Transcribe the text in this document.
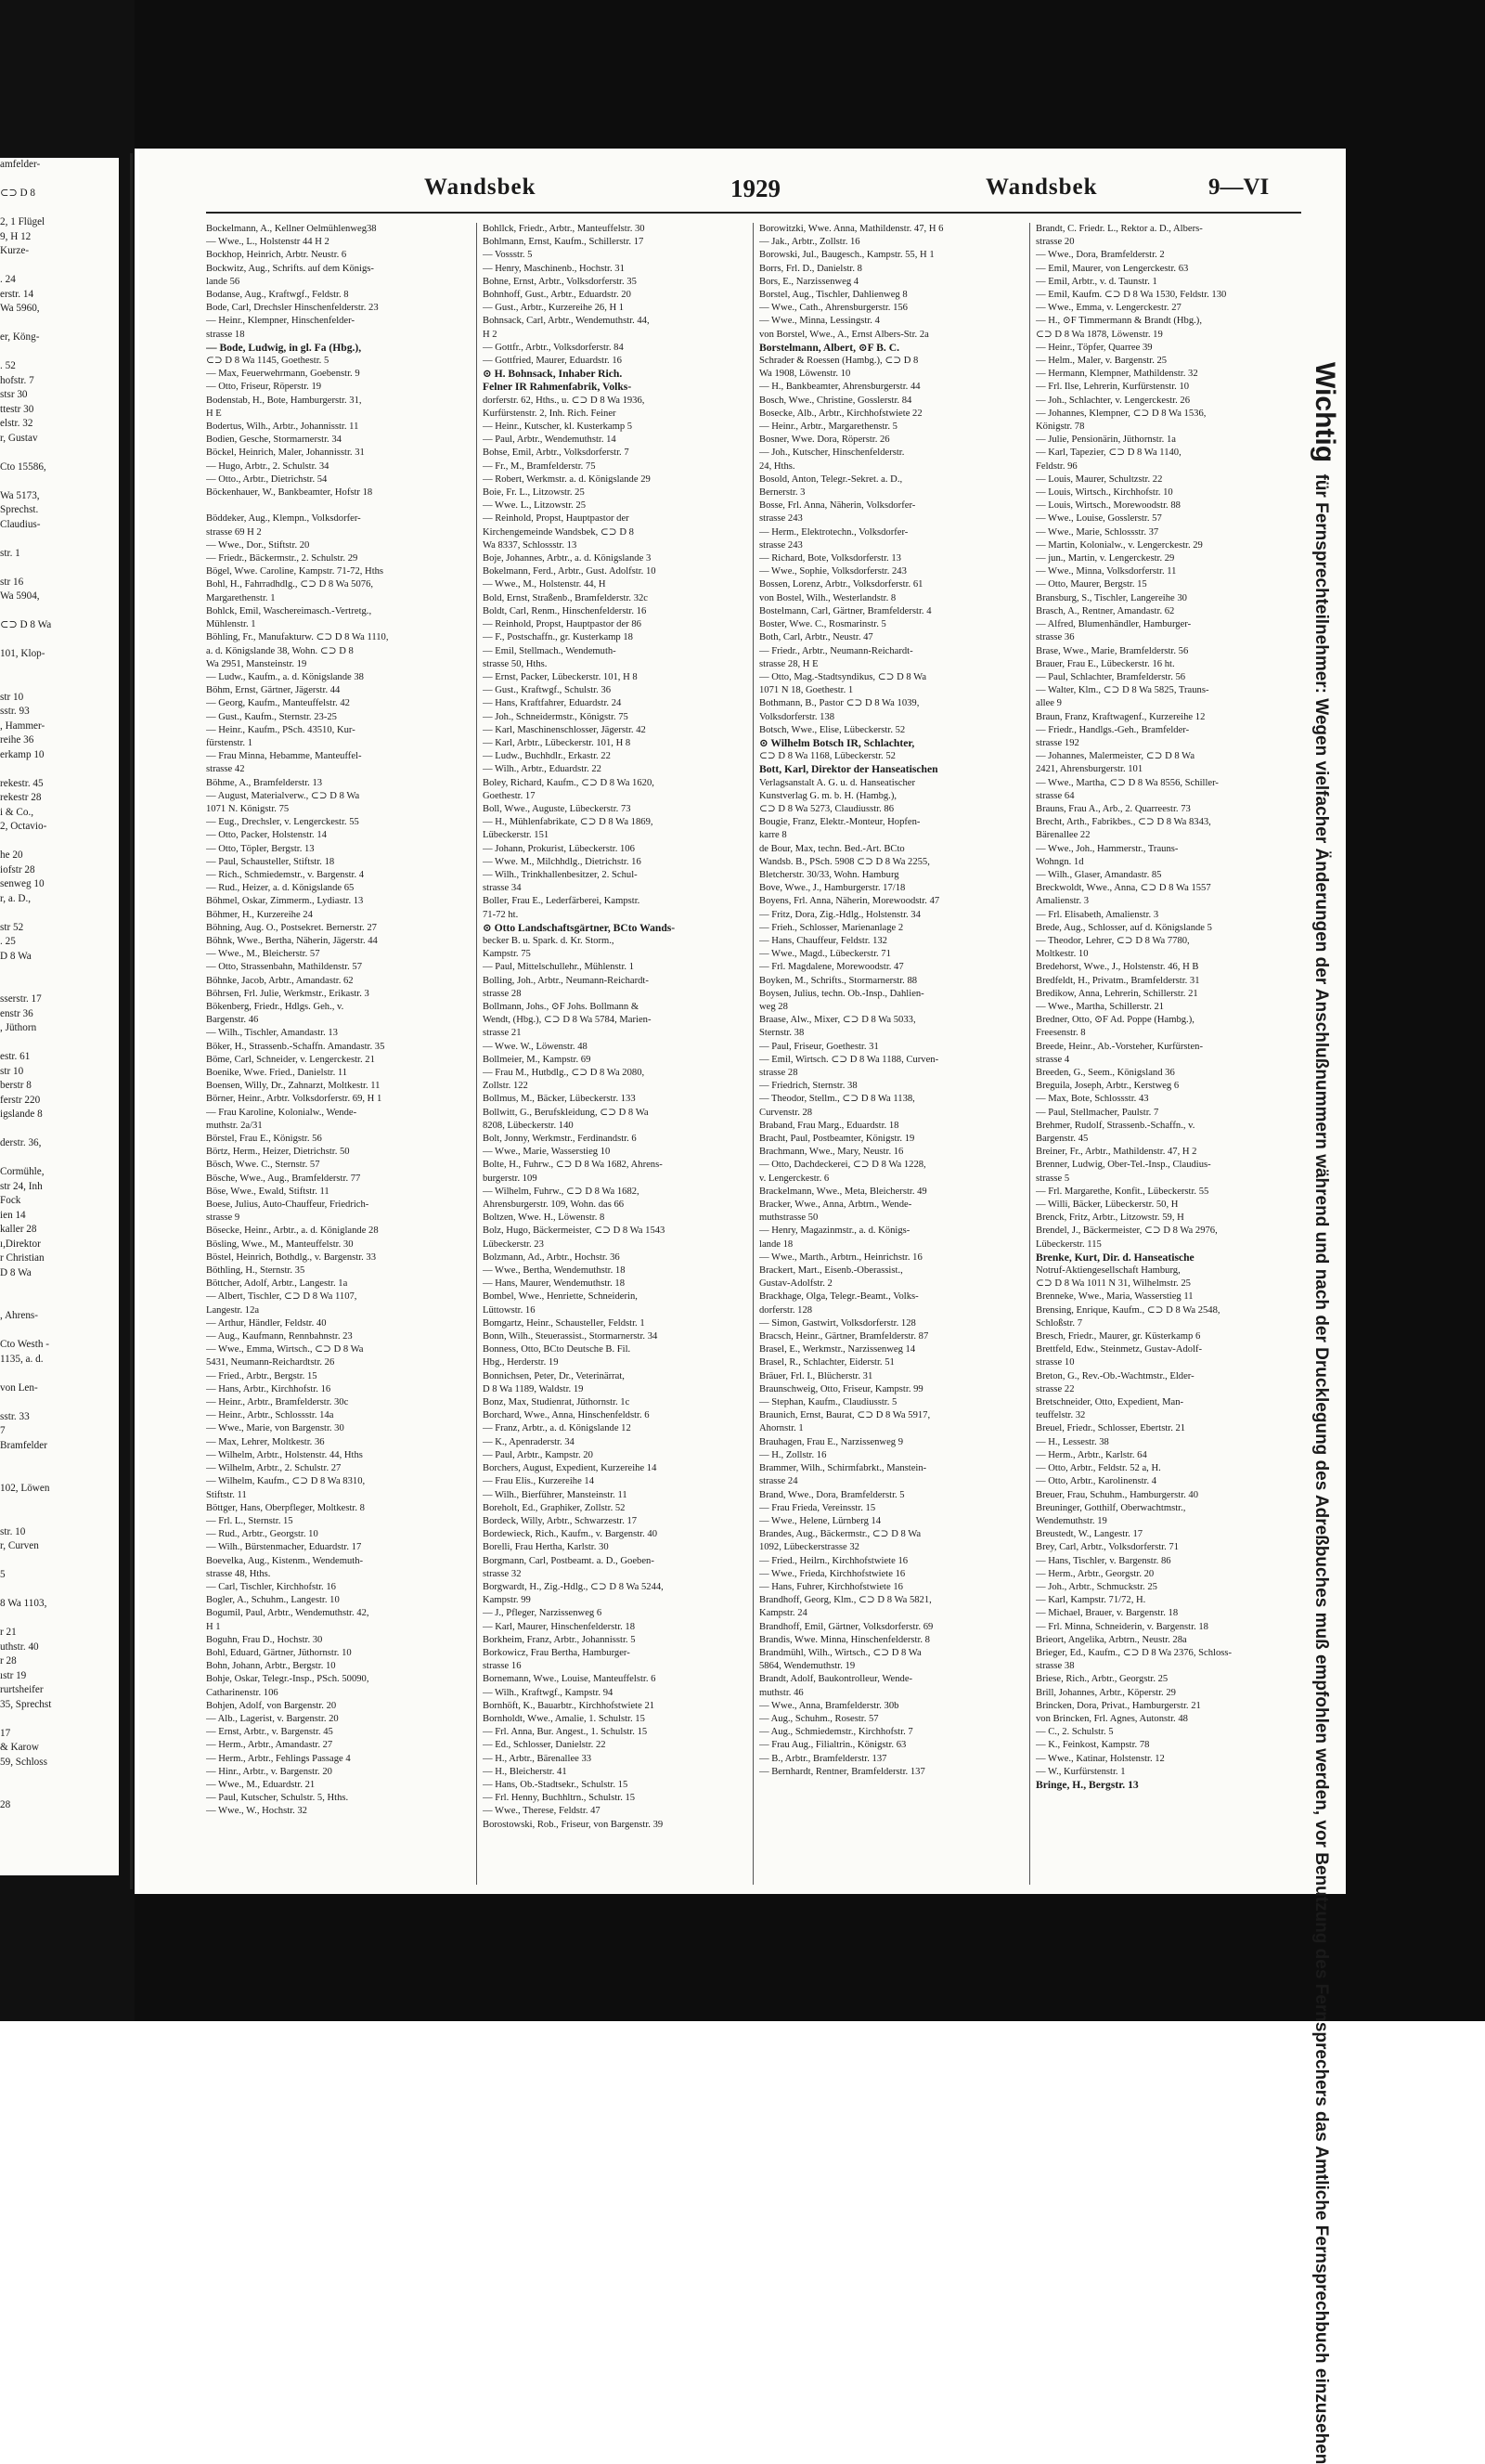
amfelder-

⊂⊃ D 8

2, 1 Flügel
9, H 12
Kurze-

. 24
erstr. 14
Wa 5960,

er, Köng-

. 52
hofstr. 7
stsr 30
ttestr 30
elstr. 32
r, Gustav

Cto 15586,

Wa 5173,
Sprechst.
Claudius-

str. 1

str 16
Wa 5904,

⊂⊃ D 8 Wa

101, Klop-

str 10
sstr. 93
, Hammer-
reihe 36
erkamp 10

rekestr. 45
rekestr 28
i & Co.,
2, Octavio-

he 20
iofstr 28
senweg 10
r, a. D.,

str 52
. 25
D 8 Wa

sserstr. 17
enstr 36
, Jüthorn

estr. 61
str 10
berstr 8
ferstr 220
igslande 8

derstr. 36,

Cormühle,
str 24, Inh
Fock
ien 14
kaller 28
ı,Direktor
r Christian
D 8 Wa

, Ahrens-

Cto Westh -
1135, a. d.

von Len-

sstr. 33
7
Bramfelder

102, Löwen

str. 10
r, Curven

5

8 Wa 1103,

r 21
uthstr. 40
r 28
ıstr 19
rurtsheifer
35, Sprechst

17
& Karow
59, Schloss

28
Wandsbek	1929	Wandsbek	9—VI
Bockelmann, A., Kellner Oelmühlenweg38
— Wwe., L., Holstenstr 44 H 2
Bockhop, Heinrich, Arbtr. Neustr. 6
Bockwitz, Aug., Schrifts. auf dem Königs-
lande 56
Bodanse, Aug., Kraftwgf., Feldstr. 8
Bode, Carl, Drechsler Hinschenfelderstr. 23
— Heinr., Klempner, Hinschenfelder-
strasse 18
— Bode, Ludwig, in gl. Fa (Hbg.),
⊂⊃ D 8 Wa 1145, Goethestr. 5
— Max, Feuerwehrmann, Goebenstr. 9
— Otto, Friseur, Röperstr. 19
Bodenstab, H., Bote, Hamburgerstr. 31,
H E
Bodertus, Wilh., Arbtr., Johannisstr. 11
Bodien, Gesche, Stormarnerstr. 34
Böckel, Heinrich, Maler, Johannisstr. 31
— Hugo, Arbtr., 2. Schulstr. 34
— Otto., Arbtr., Dietrichstr. 54
Böckenhauer, W., Bankbeamter, Hofstr 18

Böddeker, Aug., Klempn., Volksdorfer-
strasse 69 H 2
— Wwe., Dor., Stiftstr. 20
— Friedr., Bäckermstr., 2. Schulstr. 29
Bögel, Wwe. Caroline, Kampstr. 71-72, Hths
Bohl, H., Fahrradhdlg., ⊂⊃ D 8 Wa 5076,
Margarethenstr. 1
Bohlck, Emil, Waschereimasch.-Vertretg.,
Mühlenstr. 1
Böhling, Fr., Manufakturw. ⊂⊃ D 8 Wa 1110,
a. d. Königslande 38, Wohn. ⊂⊃ D 8
Wa 2951, Mansteinstr. 19
— Ludw., Kaufm., a. d. Königslande 38
Böhm, Ernst, Gärtner, Jägerstr. 44
— Georg, Kaufm., Manteuffelstr. 42
— Gust., Kaufm., Sternstr. 23-25
— Heinr., Kaufm., PSch. 43510, Kur-
fürstenstr. 1
— Frau Minna, Hebamme, Manteuffel-
strasse 42
Böhme, A., Bramfelderstr. 13
— August, Materialverw., ⊂⊃ D 8 Wa
1071 N. Königstr. 75
— Eug., Drechsler, v. Lengerckestr. 55
— Otto, Packer, Holstenstr. 14
— Otto, Töpler, Bergstr. 13
— Paul, Schausteller, Stiftstr. 18
— Rich., Schmiedemstr., v. Bargenstr. 4
— Rud., Heizer, a. d. Königslande 65
Böhmel, Oskar, Zimmerm., Lydiastr. 13
Böhmer, H., Kurzereihe 24
Böhning, Aug. O., Postsekret. Bernerstr. 27
Böhnk, Wwe., Bertha, Näherin, Jägerstr. 44
— Wwe., M., Bleicherstr. 57
— Otto, Strassenbahn, Mathildenstr. 57
Böhnke, Jacob, Arbtr., Amandastr. 62
Böhrsen, Frl. Julie, Werkmstr., Erikastr. 3
Bökenberg, Friedr., Hdlgs. Geh., v.
Bargenstr. 46
— Wilh., Tischler, Amandastr. 13
Böker, H., Strassenb.-Schaffn. Amandastr. 35
Böme, Carl, Schneider, v. Lengerckestr. 21
Boenike, Wwe. Fried., Danielstr. 11
Boensen, Willy, Dr., Zahnarzt, Moltkestr. 11
Börner, Heinr., Arbtr. Volksdorferstr. 69, H 1
— Frau Karoline, Kolonialw., Wende-
muthstr. 2a/31
Börstel, Frau E., Königstr. 56
Börtz, Herm., Heizer, Dietrichstr. 50
Bösch, Wwe. C., Sternstr. 57
Bösche, Wwe., Aug., Bramfelderstr. 77
Böse, Wwe., Ewald, Stiftstr. 11
Boese, Julius, Auto-Chauffeur, Friedrich-
strasse 9
Bösecke, Heinr., Arbtr., a. d. Königlande 28
Bösling, Wwe., M., Manteuffelstr. 30
Böstel, Heinrich, Bothdlg., v. Bargenstr. 33
Böthling, H., Sternstr. 35
Böttcher, Adolf, Arbtr., Langestr. 1a
— Albert, Tischler, ⊂⊃ D 8 Wa 1107,
Langestr. 12a
— Arthur, Händler, Feldstr. 40
— Aug., Kaufmann, Rennbahnstr. 23
— Wwe., Emma, Wirtsch., ⊂⊃ D 8 Wa
5431, Neumann-Reichardtstr. 26
— Fried., Arbtr., Bergstr. 15
— Hans, Arbtr., Kirchhofstr. 16
— Heinr., Arbtr., Bramfelderstr. 30c
— Heinr., Arbtr., Schlossstr. 14a
— Wwe., Marie, von Bargenstr. 30
— Max, Lehrer, Moltkestr. 36
— Wilhelm, Arbtr., Holstenstr. 44, Hths
— Wilhelm, Arbtr., 2. Schulstr. 27
— Wilhelm, Kaufm., ⊂⊃ D 8 Wa 8310,
Stiftstr. 11
Böttger, Hans, Oberpfleger, Moltkestr. 8
— Frl. L., Sternstr. 15
— Rud., Arbtr., Georgstr. 10
— Wilh., Bürstenmacher, Eduardstr. 17
Boevelka, Aug., Kistenm., Wendemuth-
strasse 48, Hths.
— Carl, Tischler, Kirchhofstr. 16
Bogler, A., Schuhm., Langestr. 10
Bogumil, Paul, Arbtr., Wendemuthstr. 42,
H 1
Boguhn, Frau D., Hochstr. 30
Bohl, Eduard, Gärtner, Jüthornstr. 10
Bohn, Johann, Arbtr., Bergstr. 10
Bohje, Oskar, Telegr.-Insp., PSch. 50090,
Catharinenstr. 106
Bohjen, Adolf, von Bargenstr. 20
— Alb., Lagerist, v. Bargenstr. 20
— Ernst, Arbtr., v. Bargenstr. 45
— Herm., Arbtr., Amandastr. 27
— Herm., Arbtr., Fehlings Passage 4
— Hinr., Arbtr., v. Bargenstr. 20
— Wwe., M., Eduardstr. 21
— Paul, Kutscher, Schulstr. 5, Hths.
— Wwe., W., Hochstr. 32
Bohllck, Friedr., Arbtr., Manteuffelstr. 30
Bohlmann, Ernst, Kaufm., Schillerstr. 17
— Vossstr. 5
— Henry, Maschinenb., Hochstr. 31
Bohne, Ernst, Arbtr., Volksdorferstr. 35
Bohnhoff, Gust., Arbtr., Eduardstr. 20
— Gust., Arbtr., Kurzereihe 26, H 1
Bohnsack, Carl, Arbtr., Wendemuthstr. 44,
H 2
— Gottfr., Arbtr., Volksdorferstr. 84
— Gottfried, Maurer, Eduardstr. 16
⊙ H. Bohnsack, Inhaber Rich.
Felner IR Rahmenfabrik, Volks-
dorferstr. 62, Hths., u. ⊂⊃ D 8 Wa 1936,
Kurfürstenstr. 2, Inh. Rich. Feiner
— Heinr., Kutscher, kl. Kusterkamp 5
— Paul, Arbtr., Wendemuthstr. 14
Bohse, Emil, Arbtr., Volksdorferstr. 7
— Fr., M., Bramfelderstr. 75
— Robert, Werkmstr. a. d. Königslande 29
Boie, Fr. L., Litzowstr. 25
— Wwe. L., Litzowstr. 25
— Reinhold, Propst, Hauptpastor der
Kirchengemeinde Wandsbek, ⊂⊃ D 8
Wa 8337, Schlossstr. 13
Boje, Johannes, Arbtr., a. d. Königslande 3
Bokelmann, Ferd., Arbtr., Gust. Adolfstr. 10
— Wwe., M., Holstenstr. 44, H
Bold, Ernst, Straßenb., Bramfelderstr. 32c
Boldt, Carl, Renm., Hinschenfelderstr. 16
— Reinhold, Propst, Hauptpastor der 86
— F., Postschaffn., gr. Kusterkamp 18
— Emil, Stellmach., Wendemuth-
strasse 50, Hths.
— Ernst, Packer, Lübeckerstr. 101, H 8
— Gust., Kraftwgf., Schulstr. 36
— Hans, Kraftfahrer, Eduardstr. 24
— Joh., Schneidermstr., Königstr. 75
— Karl, Maschinenschlosser, Jägerstr. 42
— Karl, Arbtr., Lübeckerstr. 101, H 8
— Ludw., Buchhdlr., Erkastr. 22
— Wilh., Arbtr., Eduardstr. 22
Boley, Richard, Kaufm., ⊂⊃ D 8 Wa 1620,
Goethestr. 17
Boll, Wwe., Auguste, Lübeckerstr. 73
— H., Mühlenfabrikate, ⊂⊃ D 8 Wa 1869,
Lübeckerstr. 151
— Johann, Prokurist, Lübeckerstr. 106
— Wwe. M., Milchhdlg., Dietrichstr. 16
— Wilh., Trinkhallenbesitzer, 2. Schul-
strasse 34
Boller, Frau E., Lederfärberei, Kampstr.
71-72 ht.
⊙ Otto Landschaftsgärtner, BCto Wands-
becker B. u. Spark. d. Kr. Storm.,
Kampstr. 75
— Paul, Mittelschullehr., Mühlenstr. 1
Bolling, Joh., Arbtr., Neumann-Reichardt-
strasse 28
Bollmann, Johs., ⊙F Johs. Bollmann &
Wendt, (Hbg.), ⊂⊃ D 8 Wa 5784, Marien-
strasse 21
— Wwe. W., Löwenstr. 48
Bollmeier, M., Kampstr. 69
— Frau M., Hutbdlg., ⊂⊃ D 8 Wa 2080,
Zollstr. 122
Bollmus, M., Bäcker, Lübeckerstr. 133
Bollwitt, G., Berufskleidung, ⊂⊃ D 8 Wa
8208, Lübeckerstr. 140
Bolt, Jonny, Werkmstr., Ferdinandstr. 6
— Wwe., Marie, Wasserstieg 10
Bolte, H., Fuhrw., ⊂⊃ D 8 Wa 1682, Ahrens-
burgerstr. 109
— Wilhelm, Fuhrw., ⊂⊃ D 8 Wa 1682,
Ahrensburgerstr. 109, Wohn. das 66
Boltzen, Wwe. H., Löwenstr. 8
Bolz, Hugo, Bäckermeister, ⊂⊃ D 8 Wa 1543
Lübeckerstr. 23
Bolzmann, Ad., Arbtr., Hochstr. 36
— Wwe., Bertha, Wendemuthstr. 18
— Hans, Maurer, Wendemuthstr. 18
Bombel, Wwe., Henriette, Schneiderin,
Lüttowstr. 16
Bomgartz, Heinr., Schausteller, Feldstr. 1
Bonn, Wilh., Steuerassist., Stormarnerstr. 34
Bonness, Otto, BCto Deutsche B. Fil.
Hbg., Herderstr. 19
Bonnichsen, Peter, Dr., Veterinärrat,
D 8 Wa 1189, Waldstr. 19
Bonz, Max, Studienrat, Jüthornstr. 1c
Borchard, Wwe., Anna, Hinschenfeldstr. 6
— Franz, Arbtr., a. d. Königslande 12
— K., Apenraderstr. 34
— Paul, Arbtr., Kampstr. 20
Borchers, August, Expedient, Kurzereihe 14
— Frau Elis., Kurzereihe 14
— Wilh., Bierführer, Mansteinstr. 11
Boreholt, Ed., Graphiker, Zollstr. 52
Bordeck, Willy, Arbtr., Schwarzestr. 17
Bordewieck, Rich., Kaufm., v. Bargenstr. 40
Borelli, Frau Hertha, Karlstr. 30
Borgmann, Carl, Postbeamt. a. D., Goeben-
strasse 32
Borgwardt, H., Zig.-Hdlg., ⊂⊃ D 8 Wa 5244,
Kampstr. 99
— J., Pfleger, Narzissenweg 6
— Karl, Maurer, Hinschenfelderstr. 18
Borkheim, Franz, Arbtr., Johannisstr. 5
Borkowicz, Frau Bertha, Hamburger-
strasse 16
Bornemann, Wwe., Louise, Manteuffelstr. 6
— Wilh., Kraftwgf., Kampstr. 94
Bornhöft, K., Bauarbtr., Kirchhofstwiete 21
Bornholdt, Wwe., Amalie, 1. Schulstr. 15
— Frl. Anna, Bur. Angest., 1. Schulstr. 15
— Ed., Schlosser, Danielstr. 22
— H., Arbtr., Bärenallee 33
— H., Bleicherstr. 41
— Hans, Ob.-Stadtsekr., Schulstr. 15
— Frl. Henny, Buchhltrn., Schulstr. 15
— Wwe., Therese, Feldstr. 47
Borostowski, Rob., Friseur, von Bargenstr. 39
Borowitzki, Wwe. Anna, Mathildenstr. 47, H 6
— Jak., Arbtr., Zollstr. 16
Borowski, Jul., Baugesch., Kampstr. 55, H 1
Borrs, Frl. D., Danielstr. 8
Bors, E., Narzissenweg 4
Borstel, Aug., Tischler, Dahlienweg 8
— Wwe., Cath., Ahrensburgerstr. 156
— Wwe., Minna, Lessingstr. 4
von Borstel, Wwe., A., Ernst Albers-Str. 2a
Borstelmann, Albert, ⊙F B. C.
Schrader & Roessen (Hambg.), ⊂⊃ D 8
Wa 1908, Löwenstr. 10
— H., Bankbeamter, Ahrensburgerstr. 44
Bosch, Wwe., Christine, Gosslerstr. 84
Bosecke, Alb., Arbtr., Kirchhofstwiete 22
— Heinr., Arbtr., Margarethenstr. 5
Bosner, Wwe. Dora, Röperstr. 26
— Joh., Kutscher, Hinschenfelderstr.
24, Hths.
Bosold, Anton, Telegr.-Sekret. a. D.,
Bernerstr. 3
Bosse, Frl. Anna, Näherin, Volksdorfer-
strasse 243
— Herm., Elektrotechn., Volksdorfer-
strasse 243
— Richard, Bote, Volksdorferstr. 13
— Wwe., Sophie, Volksdorferstr. 243
Bossen, Lorenz, Arbtr., Volksdorferstr. 61
von Bostel, Wilh., Westerlandstr. 8
Bostelmann, Carl, Gärtner, Bramfelderstr. 4
Boster, Wwe. C., Rosmarinstr. 5
Both, Carl, Arbtr., Neustr. 47
— Friedr., Arbtr., Neumann-Reichardt-
strasse 28, H E
— Otto, Mag.-Stadtsyndikus, ⊂⊃ D 8 Wa
1071 N 18, Goethestr. 1
Bothmann, B., Pastor ⊂⊃ D 8 Wa 1039,
Volksdorferstr. 138
Botsch, Wwe., Elise, Lübeckerstr. 52
⊙ Wilhelm Botsch IR, Schlachter,
⊂⊃ D 8 Wa 1168, Lübeckerstr. 52
Bott, Karl, Direktor der Hanseatischen
Verlagsanstalt A. G. u. d. Hanseatischer
Kunstverlag G. m. b. H. (Hambg.),
⊂⊃ D 8 Wa 5273, Claudiusstr. 86
Bougie, Franz, Elektr.-Monteur, Hopfen-
karre 8
de Bour, Max, techn. Bed.-Art. BCto
Wandsb. B., PSch. 5908 ⊂⊃ D 8 Wa 2255,
Bletcherstr. 30/33, Wohn. Hamburg
Bove, Wwe., J., Hamburgerstr. 17/18
Boyens, Frl. Anna, Näherin, Morewoodstr. 47
— Fritz, Dora, Zig.-Hdlg., Holstenstr. 34
— Frieh., Schlosser, Marienanlage 2
— Hans, Chauffeur, Feldstr. 132
— Wwe., Magd., Lübeckerstr. 71
— Frl. Magdalene, Morewoodstr. 47
Boyken, M., Schrifts., Stormarnerstr. 88
Boysen, Julius, techn. Ob.-Insp., Dahlien-
weg 28
Braase, Alw., Mixer, ⊂⊃ D 8 Wa 5033,
Sternstr. 38
— Paul, Friseur, Goethestr. 31
— Emil, Wirtsch. ⊂⊃ D 8 Wa 1188, Curven-
strasse 28
— Friedrich, Sternstr. 38
— Theodor, Stellm., ⊂⊃ D 8 Wa 1138,
Curvenstr. 28
Braband, Frau Marg., Eduardstr. 18
Bracht, Paul, Postbeamter, Königstr. 19
Brachmann, Wwe., Mary, Neustr. 16
— Otto, Dachdeckerei, ⊂⊃ D 8 Wa 1228,
v. Lengerckestr. 6
Brackelmann, Wwe., Meta, Bleicherstr. 49
Bracker, Wwe., Anna, Arbtrn., Wende-
muthstrasse 50
— Henry, Magazinmstr., a. d. Königs-
lande 18
— Wwe., Marth., Arbtrn., Heinrichstr. 16
Brackert, Mart., Eisenb.-Oberassist.,
Gustav-Adolfstr. 2
Brackhage, Olga, Telegr.-Beamt., Volks-
dorferstr. 128
— Simon, Gastwirt, Volksdorferstr. 128
Bracsch, Heinr., Gärtner, Bramfelderstr. 87
Brasel, E., Werkmstr., Narzissenweg 14
Brasel, R., Schlachter, Eiderstr. 51
Bräuer, Frl. I., Blücherstr. 31
Braunschweig, Otto, Friseur, Kampstr. 99
— Stephan, Kaufm., Claudiusstr. 5
Braunich, Ernst, Baurat, ⊂⊃ D 8 Wa 5917,
Ahornstr. 1
Brauhagen, Frau E., Narzissenweg 9
— H., Zollstr. 16
Brammer, Wilh., Schirmfabrkt., Manstein-
strasse 24
Brand, Wwe., Dora, Bramfelderstr. 5
— Frau Frieda, Vereinsstr. 15
— Wwe., Helene, Lürnberg 14
Brandes, Aug., Bäckermstr., ⊂⊃ D 8 Wa
1092, Lübeckerstrasse 32
— Fried., Heilrn., Kirchhofstwiete 16
— Wwe., Frieda, Kirchhofstwiete 16
— Hans, Fuhrer, Kirchhofstwiete 16
Brandhoff, Georg, Klm., ⊂⊃ D 8 Wa 5821,
Kampstr. 24
Brandhoff, Emil, Gärtner, Volksdorferstr. 69
Brandis, Wwe. Minna, Hinschenfelderstr. 8
Brandmühl, Wilh., Wirtsch., ⊂⊃ D 8 Wa
5864, Wendemuthstr. 19
Brandt, Adolf, Baukontrolleur, Wende-
muthstr. 46
— Wwe., Anna, Bramfelderstr. 30b
— Aug., Schuhm., Rosestr. 57
— Aug., Schmiedemstr., Kirchhofstr. 7
— Frau Aug., Filialtrin., Königstr. 63
— B., Arbtr., Bramfelderstr. 137
— Bernhardt, Rentner, Bramfelderstr. 137
Brandt, C. Friedr. L., Rektor a. D., Albers-
strasse 20
— Wwe., Dora, Bramfelderstr. 2
— Emil, Maurer, von Lengerckestr. 63
— Emil, Arbtr., v. d. Taunstr. 1
— Emil, Kaufm. ⊂⊃ D 8 Wa 1530, Feldstr. 130
— Wwe., Emma, v. Lengerckestr. 27
— H., ⊙F Timmermann & Brandt (Hbg.),
⊂⊃ D 8 Wa 1878, Löwenstr. 19
— Heinr., Töpfer, Quarree 39
— Helm., Maler, v. Bargenstr. 25
— Hermann, Klempner, Mathildenstr. 32
— Frl. Ilse, Lehrerin, Kurfürstenstr. 10
— Joh., Schlachter, v. Lengerckestr. 26
— Johannes, Klempner, ⊂⊃ D 8 Wa 1536,
Königstr. 78
— Julie, Pensionärin, Jüthornstr. 1a
— Karl, Tapezier, ⊂⊃ D 8 Wa 1140,
Feldstr. 96
— Louis, Maurer, Schultzstr. 22
— Louis, Wirtsch., Kirchhofstr. 10
— Louis, Wirtsch., Morewoodstr. 88
— Wwe., Louise, Gosslerstr. 57
— Wwe., Marie, Schlossstr. 37
— Martin, Kolonialw., v. Lengerckestr. 29
— jun., Martin, v. Lengerckestr. 29
— Wwe., Minna, Volksdorferstr. 11
— Otto, Maurer, Bergstr. 15
Bransburg, S., Tischler, Langereihe 30
Brasch, A., Rentner, Amandastr. 62
— Alfred, Blumenhändler, Hamburger-
strasse 36
Brase, Wwe., Marie, Bramfelderstr. 56
Brauer, Frau E., Lübeckerstr. 16 ht.
— Paul, Schlachter, Bramfelderstr. 56
— Walter, Klm., ⊂⊃ D 8 Wa 5825, Trauns-
allee 9
Braun, Franz, Kraftwagenf., Kurzereihe 12
— Friedr., Handlgs.-Geh., Bramfelder-
strasse 192
— Johannes, Malermeister, ⊂⊃ D 8 Wa
2421, Ahrensburgerstr. 101
— Wwe., Martha, ⊂⊃ D 8 Wa 8556, Schiller-
strasse 64
Brauns, Frau A., Arb., 2. Quarreestr. 73
Brecht, Arth., Fabrikbes., ⊂⊃ D 8 Wa 8343,
Bärenallee 22
— Wwe., Joh., Hammerstr., Trauns-
Wohngn. 1d
— Wilh., Glaser, Amandastr. 85
Breckwoldt, Wwe., Anna, ⊂⊃ D 8 Wa 1557
Amalienstr. 3
— Frl. Elisabeth, Amalienstr. 3
Brede, Aug., Schlosser, auf d. Königslande 5
— Theodor, Lehrer, ⊂⊃ D 8 Wa 7780,
Moltkestr. 10
Bredehorst, Wwe., J., Holstenstr. 46, H B
Bredfeldt, H., Privatm., Bramfelderstr. 31
Bredikow, Anna, Lehrerin, Schillerstr. 21
— Wwe., Martha, Schillerstr. 21
Bredner, Otto, ⊙F Ad. Poppe (Hambg.),
Freesenstr. 8
Breede, Heinr., Ab.-Vorsteher, Kurfürsten-
strasse 4
Breeden, G., Seem., Königsland 36
Breguila, Joseph, Arbtr., Kerstweg 6
— Max, Bote, Schlossstr. 43
— Paul, Stellmacher, Paulstr. 7
Brehmer, Rudolf, Strassenb.-Schaffn., v.
Bargenstr. 45
Breiner, Fr., Arbtr., Mathildenstr. 47, H 2
Brenner, Ludwig, Ober-Tel.-Insp., Claudius-
strasse 5
— Frl. Margarethe, Konfit., Lübeckerstr. 55
— Willi, Bäcker, Lübeckerstr. 50, H
Brenck, Fritz, Arbtr., Litzowstr. 59, H
Brendel, J., Bäckermeister, ⊂⊃ D 8 Wa 2976,
Lübeckerstr. 115
Brenke, Kurt, Dir. d. Hanseatische
Notruf-Aktiengesellschaft Hamburg,
⊂⊃ D 8 Wa 1011 N 31, Wilhelmstr. 25
Brenneke, Wwe., Maria, Wasserstieg 11
Brensing, Enrique, Kaufm., ⊂⊃ D 8 Wa 2548,
Schloßstr. 7
Bresch, Friedr., Maurer, gr. Küsterkamp 6
Brettfeld, Edw., Steinmetz, Gustav-Adolf-
strasse 10
Breton, G., Rev.-Ob.-Wachtmstr., Elder-
strasse 22
Bretschneider, Otto, Expedient, Man-
teuffelstr. 32
Breuel, Friedr., Schlosser, Ebertstr. 21
— H., Lessestr. 38
— Herm., Arbtr., Karlstr. 64
— Otto, Arbtr., Feldstr. 52 a, H.
— Otto, Arbtr., Karolinenstr. 4
Breuer, Frau, Schuhm., Hamburgerstr. 40
Breuninger, Gotthilf, Oberwachtmstr.,
Wendemuthstr. 19
Breustedt, W., Langestr. 17
Brey, Carl, Arbtr., Volksdorferstr. 71
— Hans, Tischler, v. Bargenstr. 86
— Herm., Arbtr., Georgstr. 20
— Joh., Arbtr., Schmuckstr. 25
— Karl, Kampstr. 71/72, H.
— Michael, Brauer, v. Bargenstr. 18
— Frl. Minna, Schneiderin, v. Bargenstr. 18
Brieort, Angelika, Arbtrn., Neustr. 28a
Brieger, Ed., Kaufm., ⊂⊃ D 8 Wa 2376, Schloss-
strasse 38
Briese, Rich., Arbtr., Georgstr. 25
Brill, Johannes, Arbtr., Köperstr. 29
Brincken, Dora, Privat., Hamburgerstr. 21
von Brincken, Frl. Agnes, Autonstr. 48
— C., 2. Schulstr. 5
— K., Feinkost, Kampstr. 78
— Wwe., Katinar, Holstenstr. 12
— W., Kurfürstenstr. 1
Bringe, H., Bergstr. 13
Wichtig für Fernsprechteilnehmer: Wegen vielfacher Änderungen der Anschlußnummern während und nach der Drucklegung des Adreßbuches muß empfohlen werden, vor Benutzung des Fernsprechers das Amtliche Fernsprechbuch einzusehen
